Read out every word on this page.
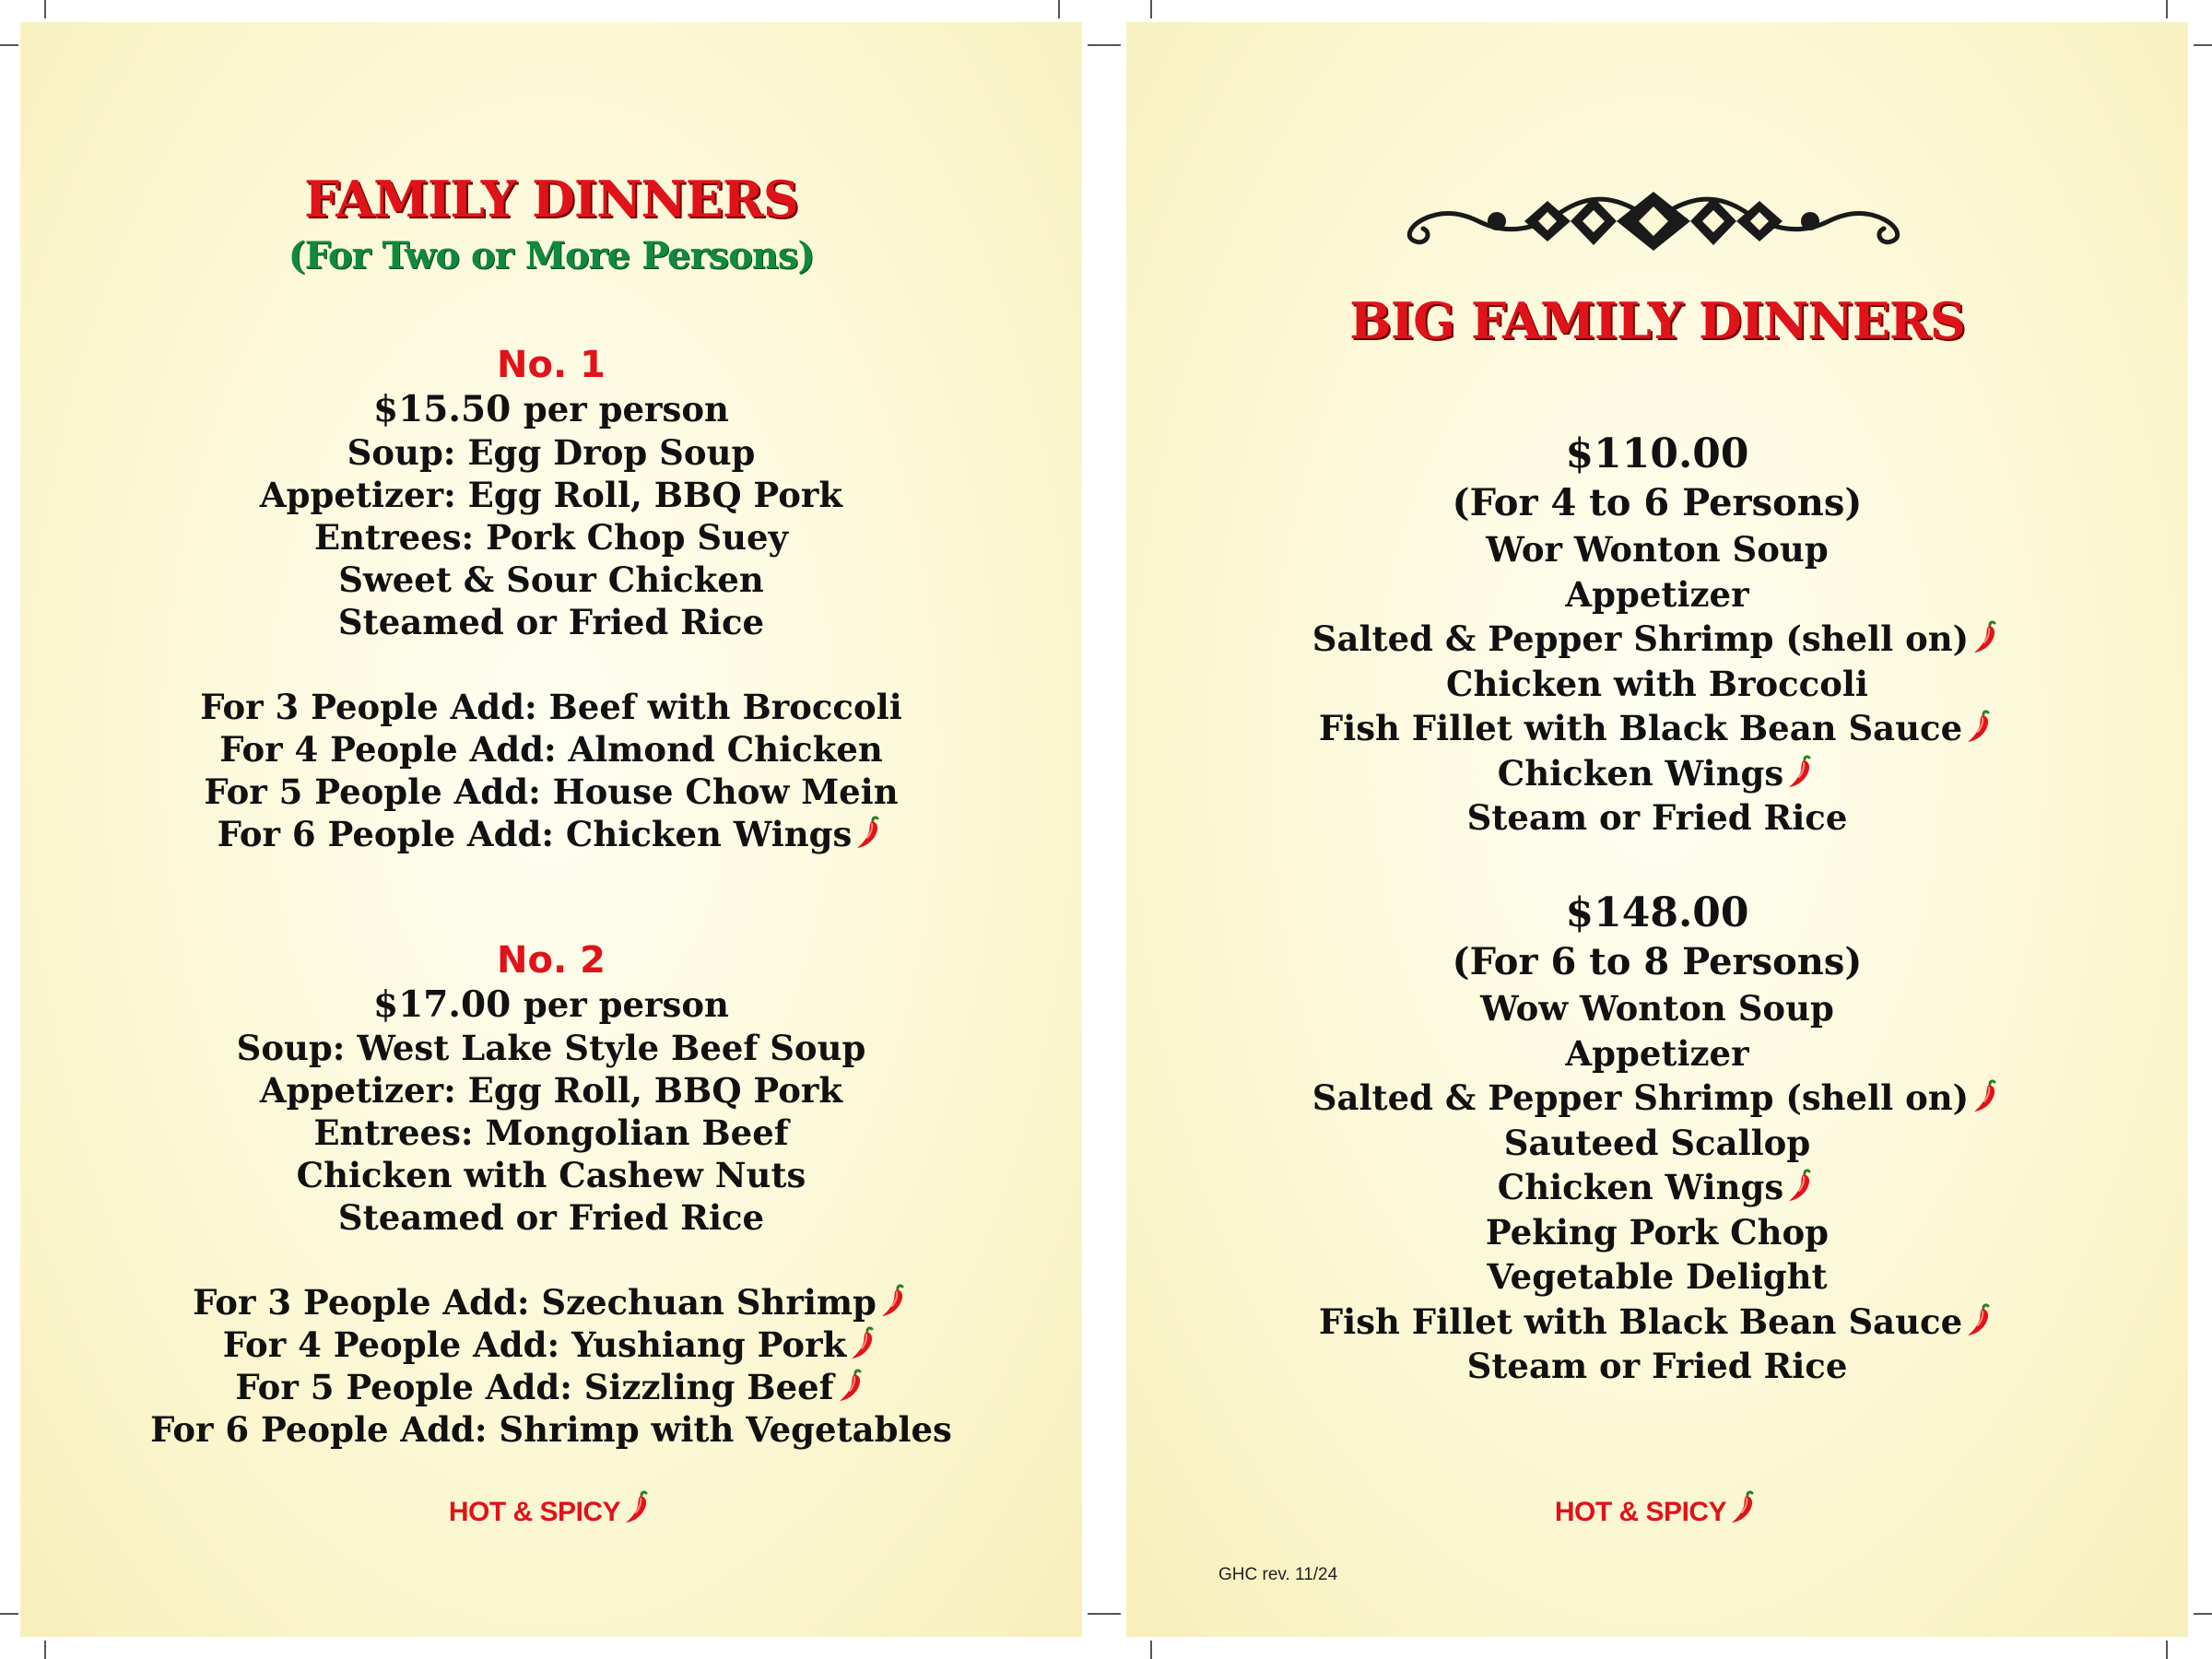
FAMILY DINNERS
(For Two or More Persons)
No. 1
$15.50 per person
Soup: Egg Drop Soup
Appetizer: Egg Roll, BBQ Pork
Entrees: Pork Chop Suey
Sweet & Sour Chicken
Steamed or Fried Rice
For 3 People Add: Beef with Broccoli
For 4 People Add: Almond Chicken
For 5 People Add: House Chow Mein
For 6 People Add: Chicken Wings
No. 2
$17.00 per person
Soup: West Lake Style Beef Soup
Appetizer: Egg Roll, BBQ Pork
Entrees: Mongolian Beef
Chicken with Cashew Nuts
Steamed or Fried Rice
For 3 People Add: Szechuan Shrimp
For 4 People Add: Yushiang Pork
For 5 People Add: Sizzling Beef
For 6 People Add: Shrimp with Vegetables
HOT & SPICY
BIG FAMILY DINNERS
$110.00
(For 4 to 6 Persons)
Wor Wonton Soup
Appetizer
Salted & Pepper Shrimp (shell on)
Chicken with Broccoli
Fish Fillet with Black Bean Sauce
Chicken Wings
Steam or Fried Rice
$148.00
(For 6 to 8 Persons)
Wow Wonton Soup
Appetizer
Salted & Pepper Shrimp (shell on)
Sauteed Scallop
Chicken Wings
Peking Pork Chop
Vegetable Delight
Fish Fillet with Black Bean Sauce
Steam or Fried Rice
HOT & SPICY
GHC rev. 11/24
